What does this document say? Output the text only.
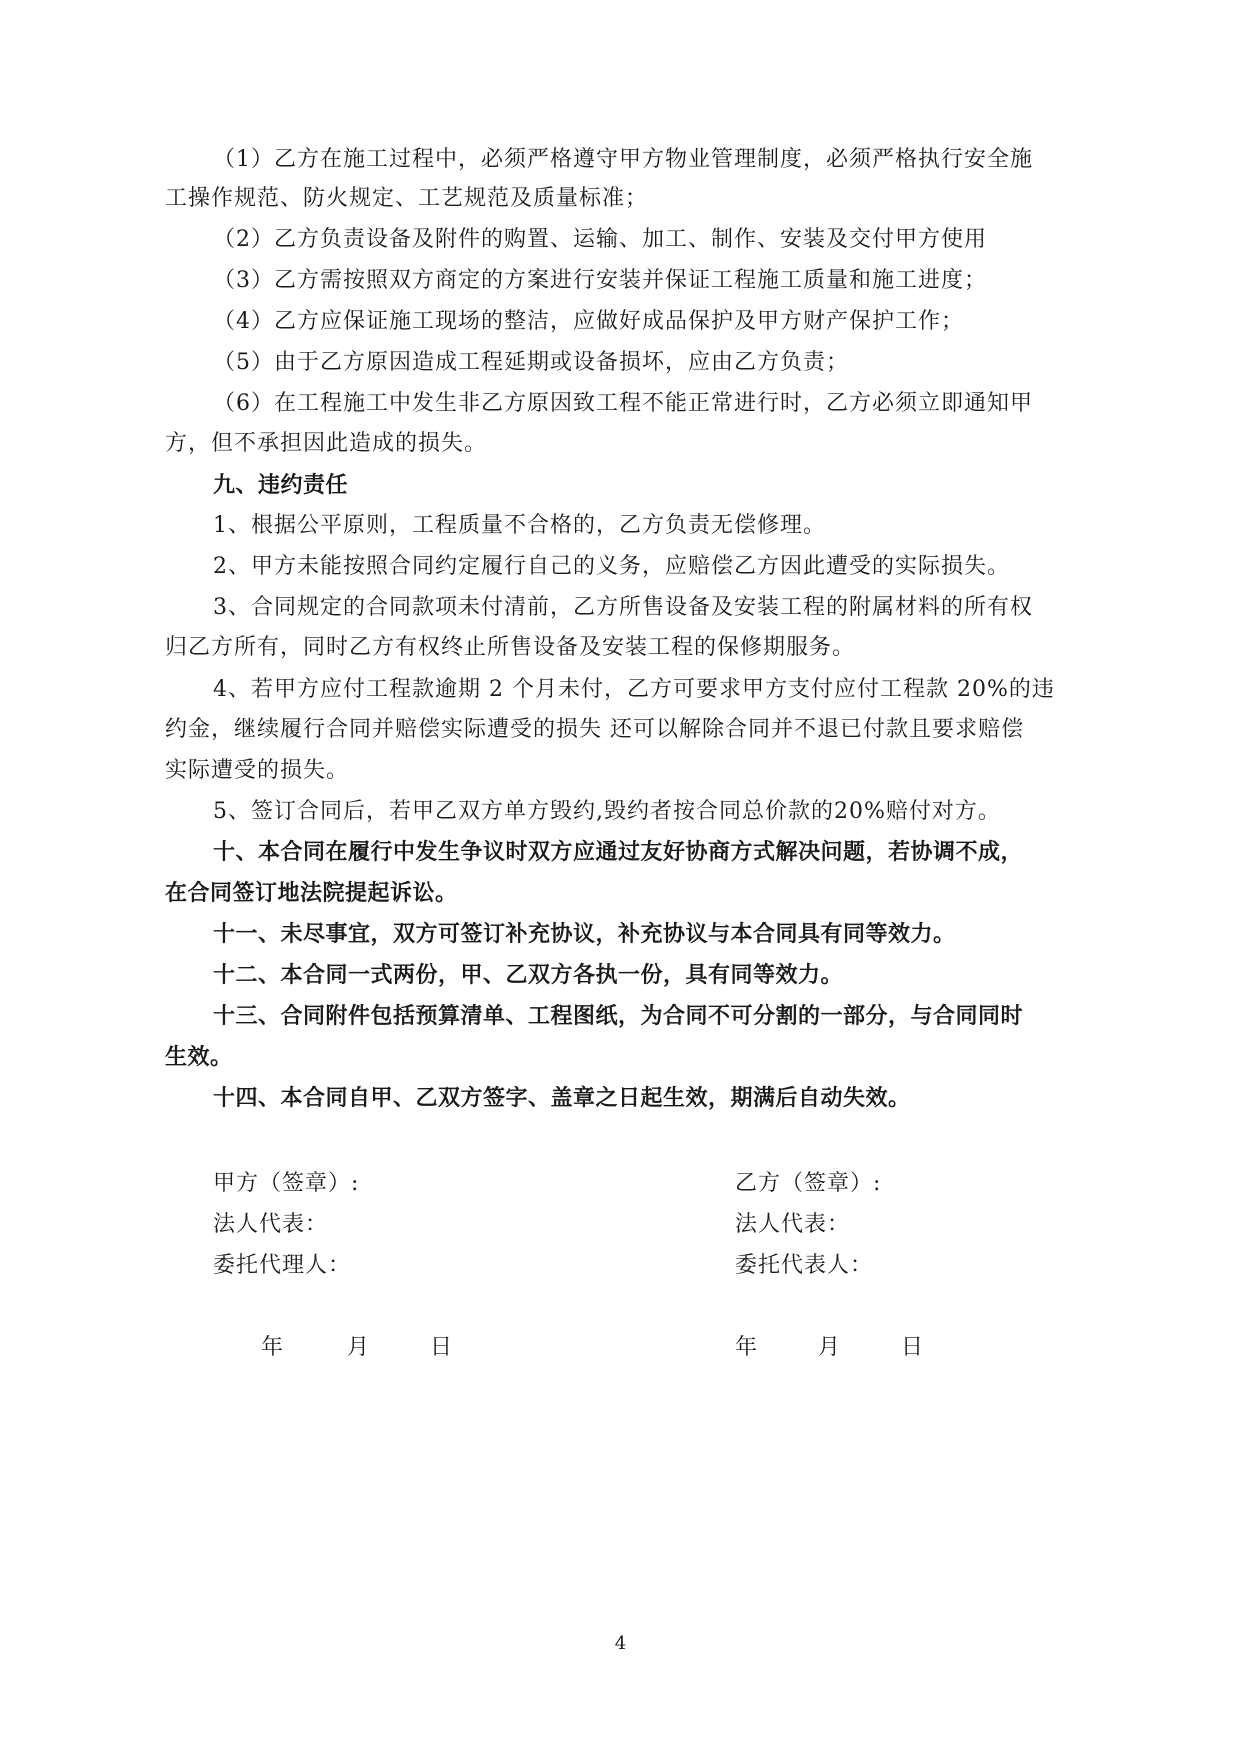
（1）乙方在施工过程中，必须严格遵守甲方物业管理制度，必须严格执行安全施
工操作规范、防火规定、工艺规范及质量标准；
（2）乙方负责设备及附件的购置、运输、加工、制作、安装及交付甲方使用
（3）乙方需按照双方商定的方案进行安装并保证工程施工质量和施工进度；
（4）乙方应保证施工现场的整洁，应做好成品保护及甲方财产保护工作；
（5）由于乙方原因造成工程延期或设备损坏，应由乙方负责；
（6）在工程施工中发生非乙方原因致工程不能正常进行时，乙方必须立即通知甲
方，但不承担因此造成的损失。
九、违约责任
1、根据公平原则，工程质量不合格的，乙方负责无偿修理。
2、甲方未能按照合同约定履行自己的义务，应赔偿乙方因此遭受的实际损失。
3、合同规定的合同款项未付清前，乙方所售设备及安装工程的附属材料的所有权
归乙方所有，同时乙方有权终止所售设备及安装工程的保修期服务。
4、若甲方应付工程款逾期 2 个月未付，乙方可要求甲方支付应付工程款 20%的违
约金，继续履行合同并赔偿实际遭受的损失 还可以解除合同并不退已付款且要求赔偿
实际遭受的损失。
5、签订合同后，若甲乙双方单方毁约,毁约者按合同总价款的20%赔付对方。
十、本合同在履行中发生争议时双方应通过友好协商方式解决问题，若协调不成，
在合同签订地法院提起诉讼。
十一、未尽事宜，双方可签订补充协议，补充协议与本合同具有同等效力。
十二、本合同一式两份，甲、乙双方各执一份，具有同等效力。
十三、合同附件包括预算清单、工程图纸，为合同不可分割的一部分，与合同同时
生效。
十四、本合同自甲、乙双方签字、盖章之日起生效，期满后自动失效。
甲方（签章）:
法人代表：
委托代理人：
乙方（签章）:
法人代表：
委托代表人：
年	月	日	年	月	日
4
